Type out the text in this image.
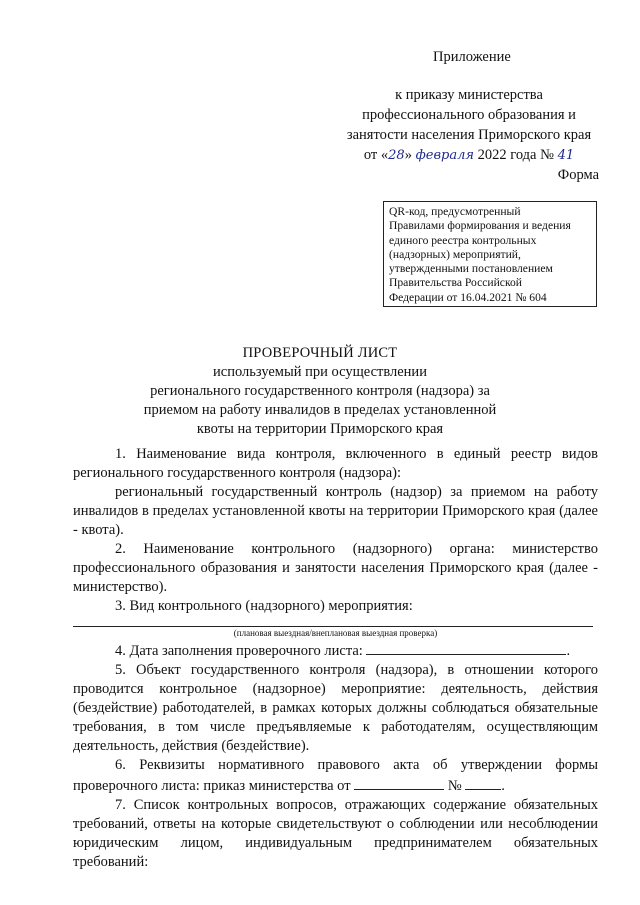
Приложение
к приказу министерства
профессионального образования и
занятости населения Приморского края
от «28» февраля 2022 года № 41
Форма
QR-код, предусмотренный
Правилами формирования и ведения
единого реестра контрольных
(надзорных) мероприятий,
утвержденными постановлением
Правительства Российской
Федерации от 16.04.2021 № 604
ПРОВЕРОЧНЫЙ ЛИСТ
используемый при осуществлении
регионального государственного контроля (надзора) за
приемом на работу инвалидов в пределах установленной
квоты на территории Приморского края
1. Наименование вида контроля, включенного в единый реестр видов регионального государственного контроля (надзора):
региональный государственный контроль (надзор) за приемом на работу инвалидов в пределах установленной квоты на территории Приморского края (далее - квота).
2. Наименование контрольного (надзорного) органа: министерство профессионального образования и занятости населения Приморского края (далее - министерство).
3. Вид контрольного (надзорного) мероприятия:
(плановая выездная/внеплановая выездная проверка)
4. Дата заполнения проверочного листа:	.
5. Объект государственного контроля (надзора), в отношении которого проводится контрольное (надзорное) мероприятие: деятельность, действия (бездействие) работодателей, в рамках которых должны соблюдаться обязательные требования, в том числе предъявляемые к работодателям, осуществляющим деятельность, действия (бездействие).
6. Реквизиты нормативного правового акта об утверждении формы проверочного листа: приказ министерства от	№	.
7. Список контрольных вопросов, отражающих содержание обязательных требований, ответы на которые свидетельствуют о соблюдении или несоблюдении юридическим лицом, индивидуальным предпринимателем обязательных требований:
